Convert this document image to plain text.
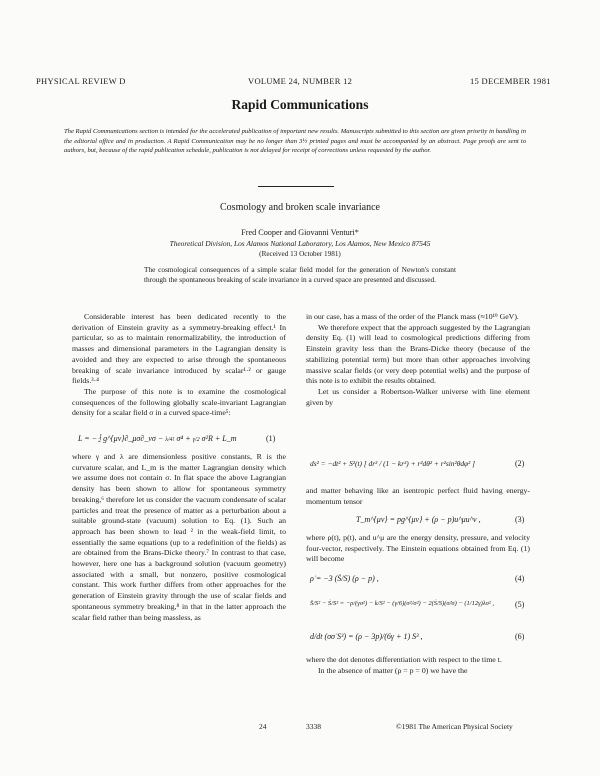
PHYSICAL REVIEW D	VOLUME 24, NUMBER 12	15 DECEMBER 1981
Rapid Communications
The Rapid Communications section is intended for the accelerated publication of important new results. Manuscripts submitted to this section are given priority in handling in the editorial office and in production. A Rapid Communication may be no longer than 3½ printed pages and must be accompanied by an abstract. Page proofs are sent to authors, but, because of the rapid publication schedule, publication is not delayed for receipt of corrections unless requested by the author.
Cosmology and broken scale invariance
Fred Cooper and Giovanni Venturi*
Theoretical Division, Los Alamos National Laboratory, Los Alamos, New Mexico 87545
(Received 13 October 1981)
The cosmological consequences of a simple scalar field model for the generation of Newton's constant through the spontaneous breaking of scale invariance in a curved space are presented and discussed.

Considerable interest has been dedicated recently to the derivation of Einstein gravity as a symmetry-breaking effect.¹ In particular, so as to maintain renormalizability, the introduction of masses and dimensional parameters in the Lagrangian density is avoided and they are expected to arise through the spontaneous breaking of scale invariance introduced by scalar¹·² or gauge fields.³·⁴

The purpose of this note is to examine the cosmological consequences of the following globally scale-invariant Lagrangian density for a scalar field σ in a curved space-time⁵:

L = − $^1$2 g^{μν}∂_μσ∂_νσ − λ/4! σ⁴ + γ/2 σ²R + L_m	(1)

where γ and λ are dimensionless positive constants, R is the curvature scalar, and L_m is the matter Lagrangian density which we assume does not contain σ. In flat space the above Lagrangian density has been shown to allow for spontaneous symmetry breaking,⁶ therefore let us consider the vacuum condensate of scalar particles and treat the presence of matter as a perturbation about a suitable ground-state (vacuum) solution to Eq. (1). Such an approach has been shown to lead ² in the weak-field limit, to essentially the same equations (up to a redefinition of the fields) as are obtained from the Brans-Dicke theory.⁷ In contrast to that case, however, here one has a background solution (vacuum geometry) associated with a small, but nonzero, positive cosmological constant. This work further differs from other approaches for the generation of Einstein gravity through the use of scalar fields and spontaneous symmetry breaking,⁸ in that in the latter approach the scalar field rather than being massless, as

in our case, has a mass of the order of the Planck mass (≈10¹⁹ GeV).

We therefore expect that the approach suggested by the Lagrangian density Eq. (1) will lead to cosmological predictions differing from Einstein gravity less than the Brans-Dicke theory (because of the stabilizing potential term) but more than other approaches involving massive scalar fields (or very deep potential wells) and the purpose of this note is to exhibit the results obtained.

Let us consider a Robertson-Walker universe with line element given by

ds² = −dt² + S²(t) [ dr² / (1 − kr²) + r²dθ² + r²sin²θdφ² ]	(2)

and matter behaving like an isentropic perfect fluid having energy-momentum tensor

T_m^{μν} = pg^{μν} + (ρ − p)u^μu^ν ,	(3)

where ρ(t), p(t), and u^μ are the energy density, pressure, and velocity four-vector, respectively. The Einstein equations obtained from Eq. (1) will become

ρ̇ = −3 (Ṡ/S) (ρ − p) ,	(4)
S̈/S² − Ṡ/S² = −ρ/(γσ²) − k/S² − (γ/6)(σ̇²/σ²) − 2(Ṡ/S)(σ̇/σ) − (1/12γ)λσ² ,	(5)
d/dt (σσ̇ S³) = (ρ − 3p)/(6γ + 1) S³ ,	(6)

where the dot denotes differentiation with respect to the time t.

In the absence of matter (ρ = p = 0) we have the

24	3338	©1981 The American Physical Society
